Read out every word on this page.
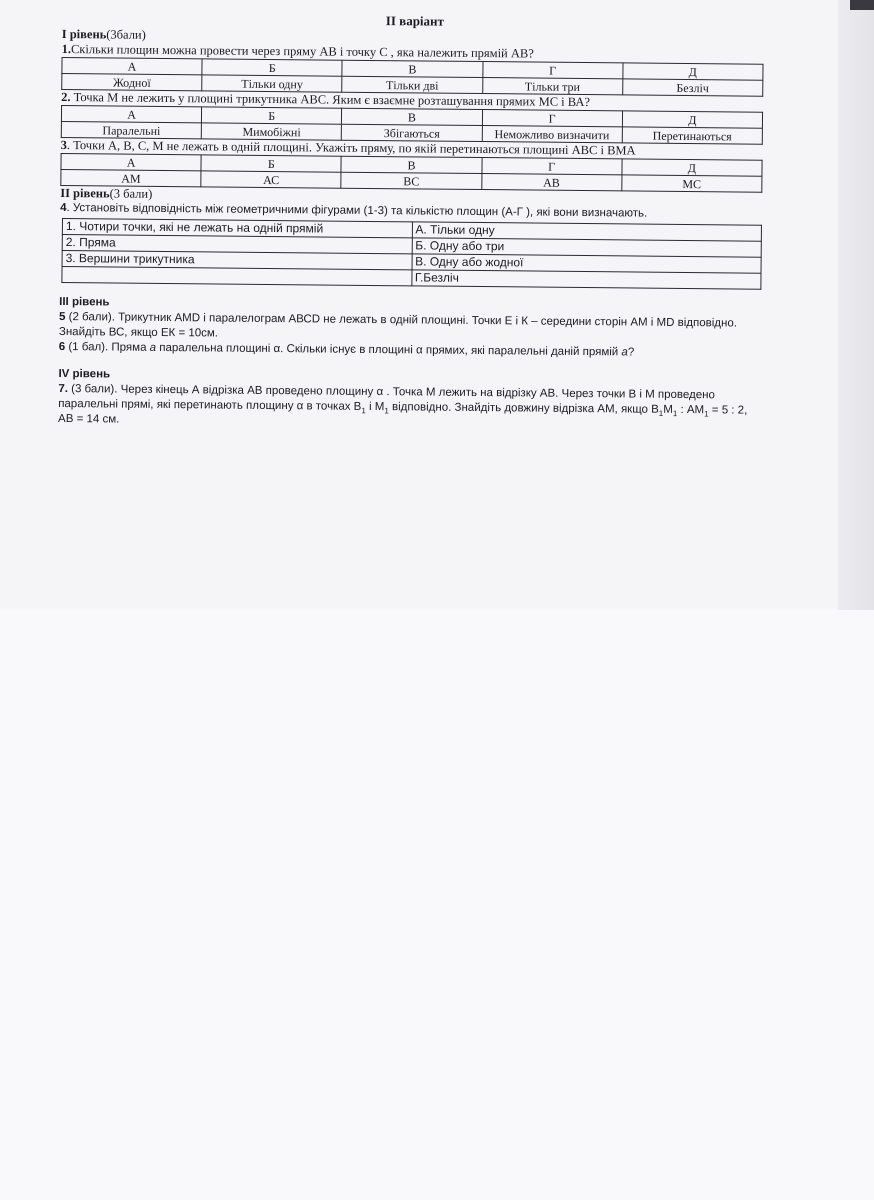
ІІ варіант

І рівень(3бали)

1.Скільки площин можна провести через пряму АВ і точку С , яка належить прямій АВ?

А	Б	В	Г	Д
Жодної	Тільки одну	Тільки дві	Тільки три	Безліч

2. Точка М не лежить у площині трикутника АВС. Яким є взаємне розташування прямих МС і ВА?

А	Б	В	Г	Д
Паралельні	Мимобіжні	Збігаються	Неможливо визначити	Перетинаються

3. Точки А, В, С, М не лежать в одній площині. Укажіть пряму, по якій перетинаються площині АВС і ВМА

А	Б	В	Г	Д
АМ	АС	ВС	АВ	МС

ІІ рівень(3 бали)

4. Установіть відповідність між геометричними фігурами (1-3) та кількістю площин (А-Г ), які вони визначають.

1. Чотири точки, які не лежать на одній прямій	А. Тільки одну
2. Пряма	Б. Одну або три
3. Вершини трикутника	В. Одну або жодної
	Г.Безліч

ІІІ рівень

5 (2 бали). Трикутник АМD і паралелограм АВСD не лежать в одній площині. Точки Е і К – середини сторін АМ і МD відповідно. Знайдіть ВС, якщо ЕК = 10см.

6 (1 бал). Пряма a паралельна площині α. Скільки існує в площині α прямих, які паралельні даній прямій a?

ІV рівень

7. (3 бали). Через кінець А відрізка АВ проведено площину α . Точка М лежить на відрізку АВ. Через точки В і М проведено паралельні прямі, які перетинають площину α в точках $В_1$ і $М_1$ відповідно. Знайдіть довжину відрізка АМ, якщо $В_1М_1$ : $АМ_1 = 5$ : 2, АВ = 14 см.
